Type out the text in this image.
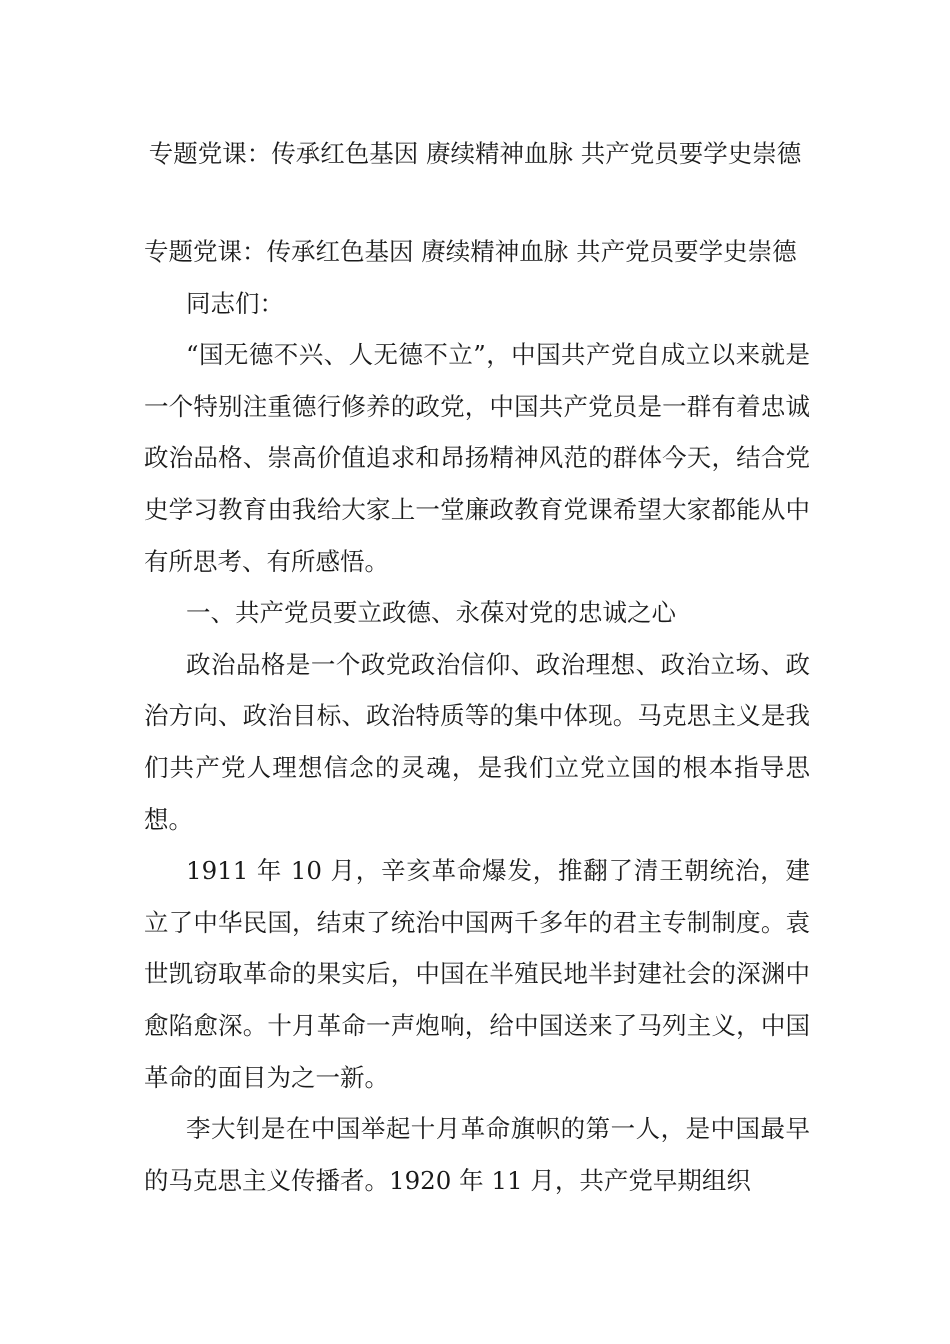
专题党课：传承红色基因 赓续精神血脉 共产党员要学史崇德

专题党课：传承红色基因 赓续精神血脉 共产党员要学史崇德

同志们：

“国无德不兴、人无德不立”，中国共产党自成立以来就是一个特别注重德行修养的政党，中国共产党员是一群有着忠诚政治品格、崇高价值追求和昂扬精神风范的群体今天，结合党史学习教育由我给大家上一堂廉政教育党课希望大家都能从中有所思考、有所感悟。

一、共产党员要立政德、永葆对党的忠诚之心

政治品格是一个政党政治信仰、政治理想、政治立场、政治方向、政治目标、政治特质等的集中体现。马克思主义是我们共产党人理想信念的灵魂，是我们立党立国的根本指导思想。

1911 年 10 月，辛亥革命爆发，推翻了清王朝统治，建立了中华民国，结束了统治中国两千多年的君主专制制度。袁世凯窃取革命的果实后，中国在半殖民地半封建社会的深渊中愈陷愈深。十月革命一声炮响，给中国送来了马列主义，中国革命的面目为之一新。

李大钊是在中国举起十月革命旗帜的第一人，是中国最早的马克思主义传播者。1920 年 11 月，共产党早期组织
